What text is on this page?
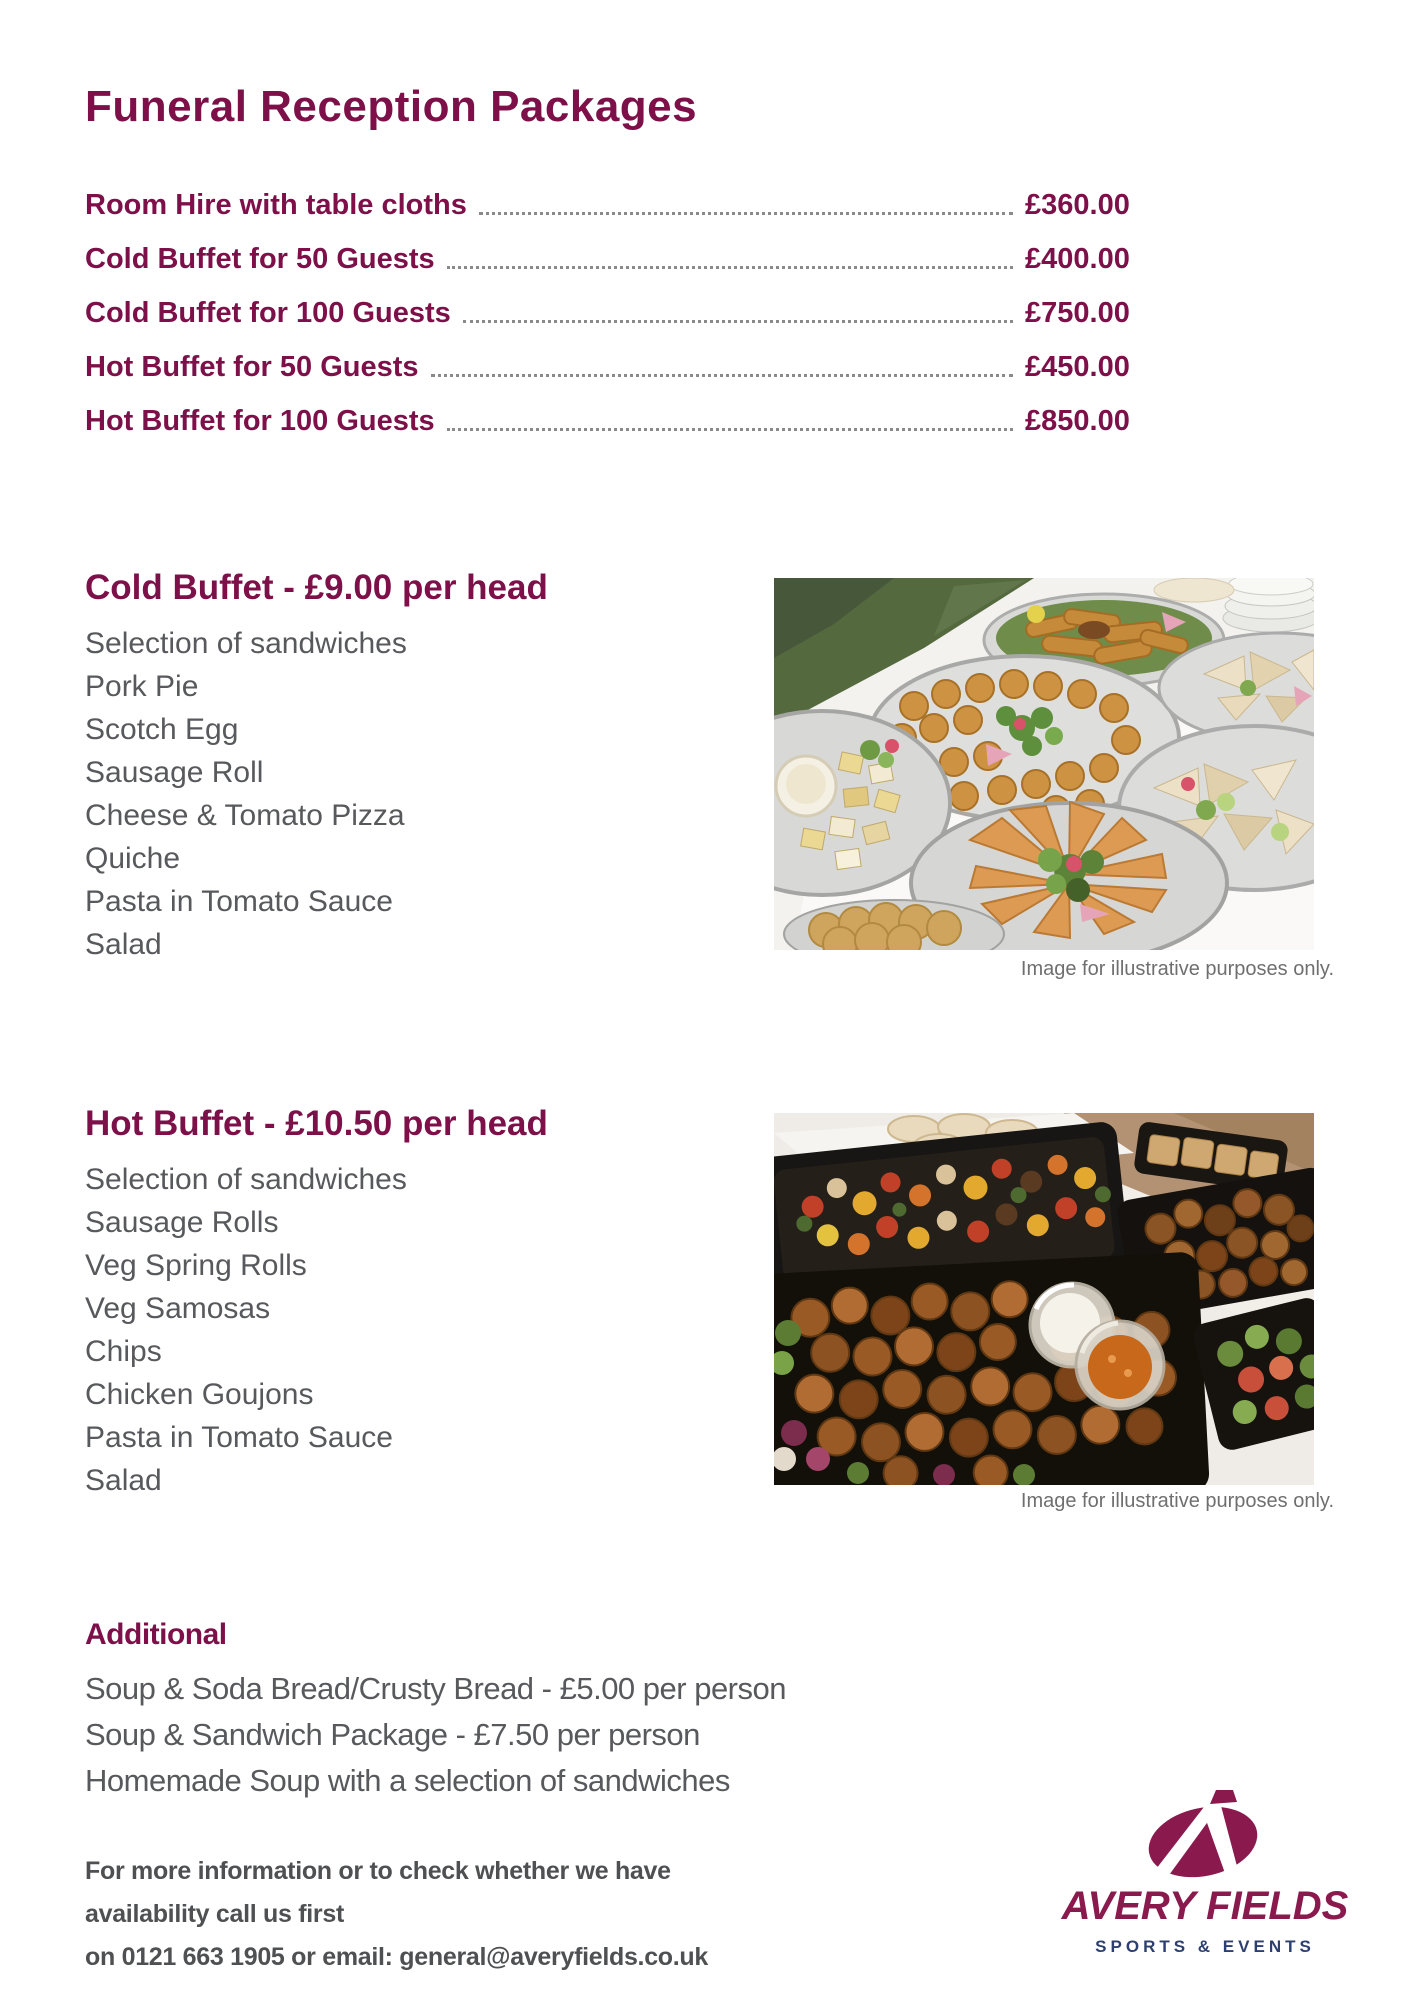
Funeral Reception Packages
Room Hire with table cloths	£360.00
Cold Buffet for 50 Guests	£400.00
Cold Buffet for 100 Guests	£750.00
Hot Buffet for 50 Guests	£450.00
Hot Buffet for 100 Guests	£850.00
Cold Buffet - £9.00 per head
Selection of sandwiches
Pork Pie
Scotch Egg
Sausage Roll
Cheese & Tomato Pizza
Quiche
Pasta in Tomato Sauce
Salad
Image for illustrative purposes only.
Hot Buffet - £10.50 per head
Selection of sandwiches
Sausage Rolls
Veg Spring Rolls
Veg Samosas
Chips
Chicken Goujons
Pasta in Tomato Sauce
Salad
Image for illustrative purposes only.
Additional
Soup & Soda Bread/Crusty Bread - £5.00 per person
Soup & Sandwich Package - £7.50 per person
Homemade Soup with a selection of sandwiches
For more information or to check whether we have availability call us first
on 0121 663 1905 or email: general@averyfields.co.uk
AVERY FIELDS
SPORTS & EVENTS
